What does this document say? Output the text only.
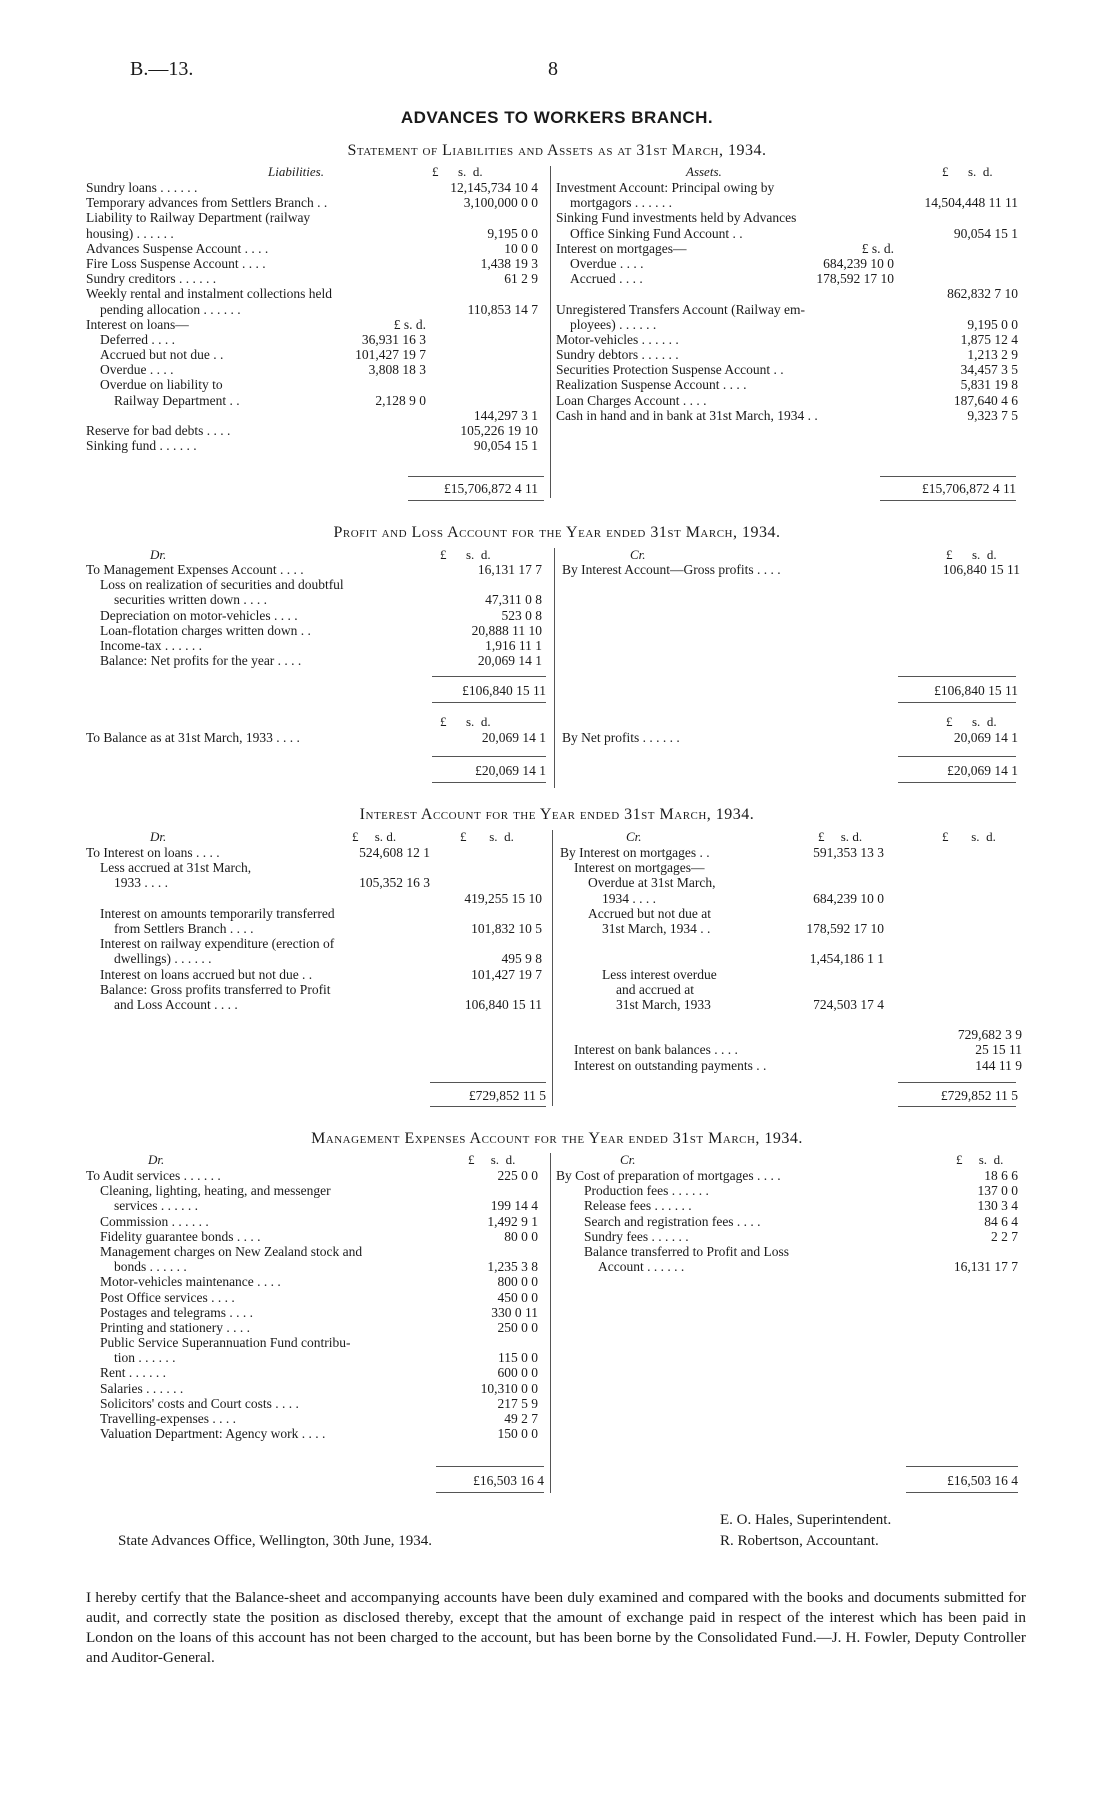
B.—13.	8
ADVANCES TO WORKERS BRANCH.
Statement of Liabilities and Assets as at 31st March, 1934.
Liabilities.	£ s. d.	Assets.	£ s. d.
Sundry loans . . . . . .	12,145,734 10 4
Temporary advances from Settlers Branch . .	3,100,000 0 0
Liability to Railway Department (railway
housing) . . . . . .	9,195 0 0
Advances Suspense Account . . . .	10 0 0
Fire Loss Suspense Account . . . .	1,438 19 3
Sundry creditors . . . . . .	61 2 9
Weekly rental and instalment collections held
pending allocation . . . . . .	110,853 14 7
Interest on loans—	£ s. d.
Deferred . . . .	36,931 16 3
Accrued but not due . .	101,427 19 7
Overdue . . . .	3,808 18 3
Overdue on liability to
Railway Department . .	2,128 9 0
144,297 3 1
Reserve for bad debts . . . .	105,226 19 10
Sinking fund . . . . . .	90,054 15 1
Investment Account: Principal owing by
mortgagors . . . . . .	14,504,448 11 11
Sinking Fund investments held by Advances
Office Sinking Fund Account . .	90,054 15 1
Interest on mortgages—	£ s. d.
Overdue . . . .	684,239 10 0
Accrued . . . .	178,592 17 10
862,832 7 10
Unregistered Transfers Account (Railway em-
ployees) . . . . . .	9,195 0 0
Motor-vehicles . . . . . .	1,875 12 4
Sundry debtors . . . . . .	1,213 2 9
Securities Protection Suspense Account . .	34,457 3 5
Realization Suspense Account . . . .	5,831 19 8
Loan Charges Account . . . .	187,640 4 6
Cash in hand and in bank at 31st March, 1934 . .	9,323 7 5
£15,706,872 4 11	£15,706,872 4 11
Profit and Loss Account for the Year ended 31st March, 1934.
Dr.	Cr.
£ s. d.	£ s. d.
To Management Expenses Account . . . .	16,131 17 7
Loss on realization of securities and doubtful
securities written down . . . .	47,311 0 8
Depreciation on motor-vehicles . . . .	523 0 8
Loan-flotation charges written down . .	20,888 11 10
Income-tax . . . . . .	1,916 11 1
Balance: Net profits for the year . . . .	20,069 14 1
By Interest Account—Gross profits . . . .	106,840 15 11
£106,840 15 11	£106,840 15 11
£ s. d.	£ s. d.
To Balance as at 31st March, 1933 . . . .	20,069 14 1 By Net profits . . . . . .	20,069 14 1
£20,069 14 1	£20,069 14 1
Interest Account for the Year ended 31st March, 1934.
Dr.	Cr.
£ s. d.	£ s. d.	£ s. d.	£ s. d.
To Interest on loans . . . .	524,608 12 1
Less accrued at 31st March,
1933 . . . .	105,352 16 3
419,255 15 10
Interest on amounts temporarily transferred
from Settlers Branch . . . .	101,832 10 5
Interest on railway expenditure (erection of
dwellings) . . . . . .	495 9 8
Interest on loans accrued but not due . .	101,427 19 7
Balance: Gross profits transferred to Profit
and Loss Account . . . .	106,840 15 11
By Interest on mortgages . .	591,353 13 3
Interest on mortgages—
Overdue at 31st March,
1934 . . . .	684,239 10 0
Accrued but not due at
31st March, 1934 . .	178,592 17 10
1,454,186 1 1
Less interest overdue
and accrued at
31st March, 1933	724,503 17 4
729,682 3 9
Interest on bank balances . . . .	25 15 11
Interest on outstanding payments . .	144 11 9
£729,852 11 5	£729,852 11 5
Management Expenses Account for the Year ended 31st March, 1934.
Dr.	Cr.
£ s. d.	£ s. d.
To Audit services . . . . . .	225 0 0
Cleaning, lighting, heating, and messenger
services . . . . . .	199 14 4
Commission . . . . . .	1,492 9 1
Fidelity guarantee bonds . . . .	80 0 0
Management charges on New Zealand stock and
bonds . . . . . .	1,235 3 8
Motor-vehicles maintenance . . . .	800 0 0
Post Office services . . . .	450 0 0
Postages and telegrams . . . .	330 0 11
Printing and stationery . . . .	250 0 0
Public Service Superannuation Fund contribu-
tion . . . . . .	115 0 0
Rent . . . . . .	600 0 0
Salaries . . . . . .	10,310 0 0
Solicitors' costs and Court costs . . . .	217 5 9
Travelling-expenses . . . .	49 2 7
Valuation Department: Agency work . . . .	150 0 0
By Cost of preparation of mortgages . . . .	18 6 6
Production fees . . . . . .	137 0 0
Release fees . . . . . .	130 3 4
Search and registration fees . . . .	84 6 4
Sundry fees . . . . . .	2 2 7
Balance transferred to Profit and Loss
Account . . . . . .	16,131 17 7
£16,503 16 4	£16,503 16 4
E. O. Hales, Superintendent.
State Advances Office, Wellington, 30th June, 1934.	R. Robertson, Accountant.
I hereby certify that the Balance-sheet and accompanying accounts have been duly examined and compared with the books and documents submitted for audit, and correctly state the position as disclosed thereby, except that the amount of exchange paid in respect of the interest which has been paid in London on the loans of this account has not been charged to the account, but has been borne by the Consolidated Fund.—J. H. Fowler, Deputy Controller and Auditor-General.
